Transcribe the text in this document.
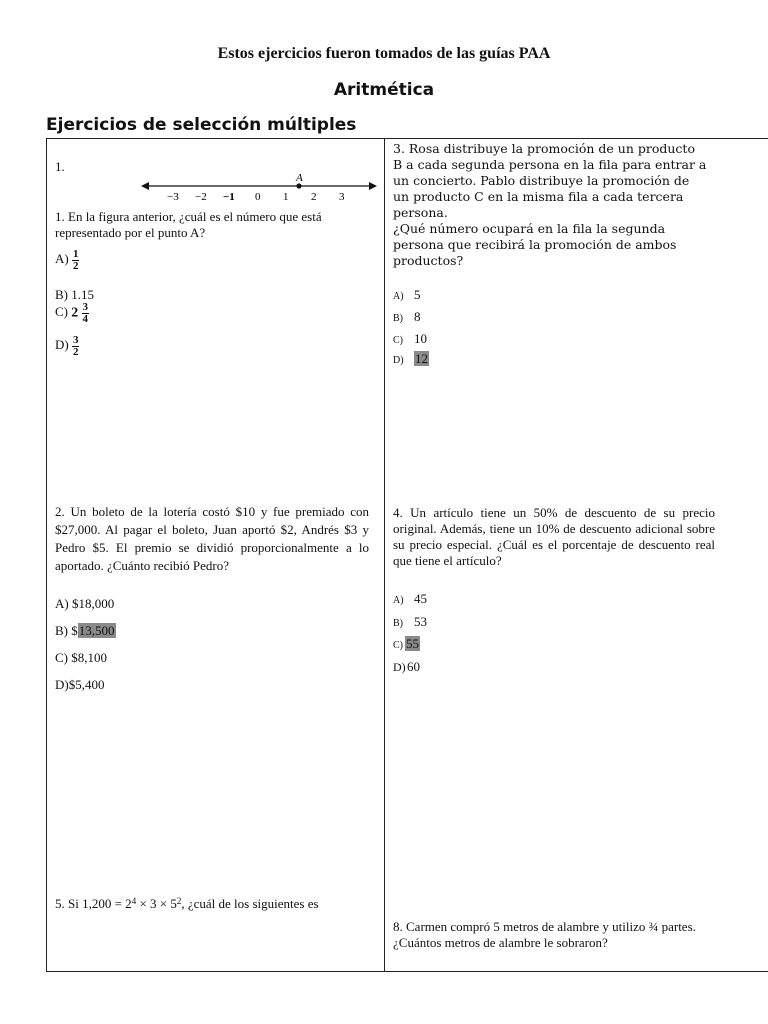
Estos ejercicios fueron tomados de las guías PAA
Aritmética
Ejercicios de selección múltiples
1.
A
−3 −2 −1 0 1 2 3
1. En la figura anterior, ¿cuál es el número que está representado por el punto A?
$A) \frac{1}{2}$
B) 1.15
C) $2 \frac{3}{4}$
$D) \frac{3}{2}$
2. Un boleto de la lotería costó $10 y fue premiado con $27,000. Al pagar el boleto, Juan aportó $2, Andrés $3 y Pedro $5. El premio se dividió proporcionalmente a lo aportado. ¿Cuánto recibió Pedro?
A) $18,000
B) $13,500
C) $8,100
D)$5,400
5. Si $1,200 = 2^4 \times 3 \times 5^2$, ¿cuál de los siguientes es
3. Rosa distribuye la promoción de un producto
B a cada segunda persona en la fila para entrar a
un concierto. Pablo distribuye la promoción de
un producto C en la misma fila a cada tercera
persona.
¿Qué número ocupará en la fila la segunda
persona que recibirá la promoción de ambos
productos?
A) 5
B) 8
C) 10
D) 12
4. Un artículo tiene un 50% de descuento de su precio original. Además, tiene un 10% de descuento adicional sobre su precio especial. ¿Cuál es el porcentaje de descuento real que tiene el artículo?
A) 45
B) 53
C) 55
D)60
8. Carmen compró 5 metros de alambre y utilizo ¾ partes. ¿Cuántos metros de alambre le sobraron?
